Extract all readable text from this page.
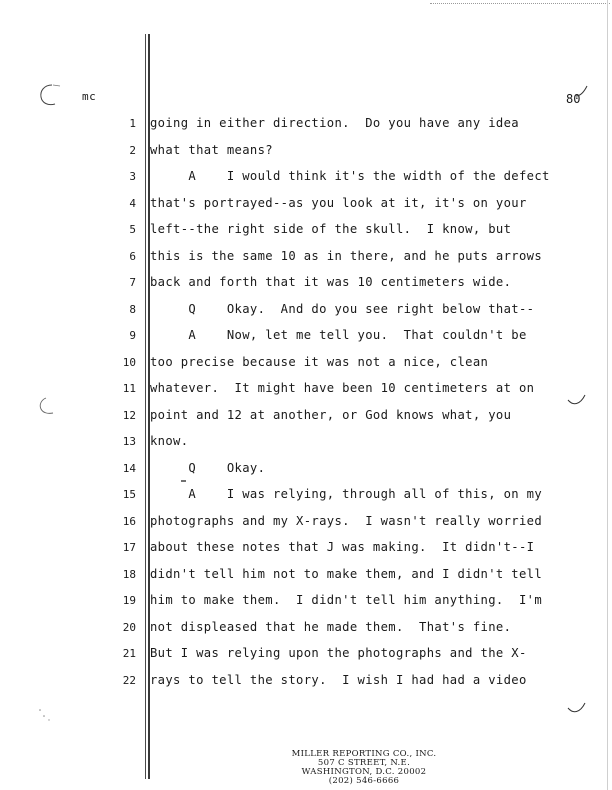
mc	80
1
2
3
4
5
6
7
8
9
10
11
12
13
14
15
16
17
18
19
20
21
22
going in either direction.  Do you have any idea
what that means?
A    I would think it's the width of the defect
that's portrayed--as you look at it, it's on your
left--the right side of the skull.  I know, but
this is the same 10 as in there, and he puts arrows
back and forth that it was 10 centimeters wide.
Q    Okay.  And do you see right below that--
A    Now, let me tell you.  That couldn't be
too precise because it was not a nice, clean
whatever.  It might have been 10 centimeters at on
point and 12 at another, or God knows what, you
know.
Q    Okay.
A    I was relying, through all of this, on my
photographs and my X-rays.  I wasn't really worried
about these notes that J was making.  It didn't--I
didn't tell him not to make them, and I didn't tell
him to make them.  I didn't tell him anything.  I'm
not displeased that he made them.  That's fine.
But I was relying upon the photographs and the X-
rays to tell the story.  I wish I had had a video
MILLER REPORTING CO., INC.
507 C STREET, N.E.
WASHINGTON, D.C. 20002
(202) 546-6666
